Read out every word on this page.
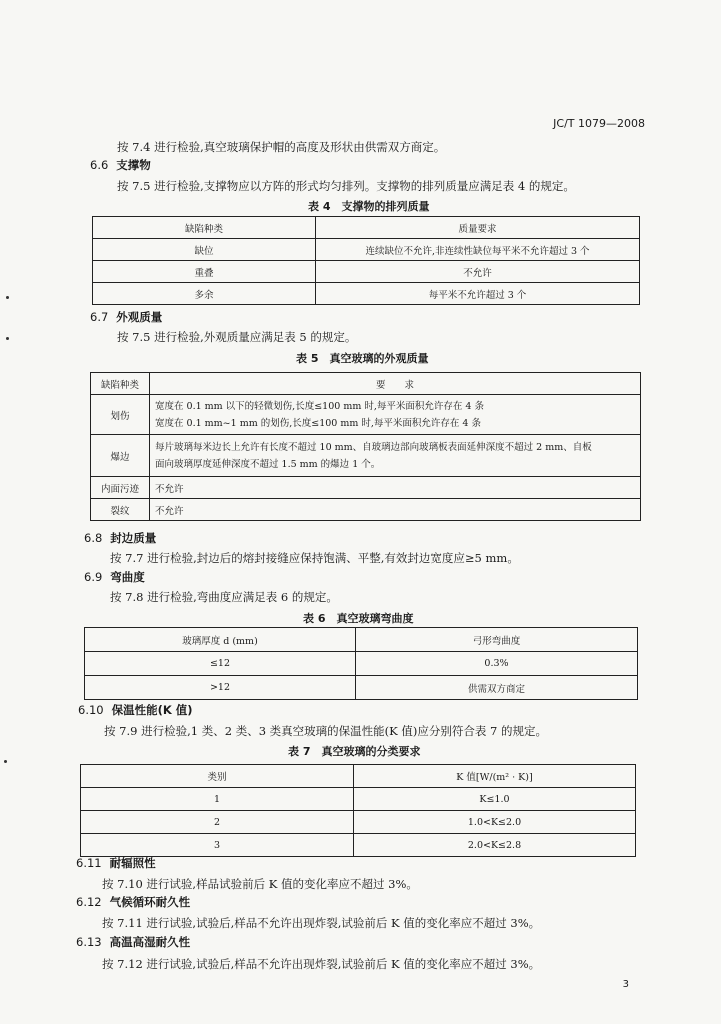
JC/T 1079—2008
按 7.4 进行检验,真空玻璃保护帽的高度及形状由供需双方商定。
6.6 支撑物
按 7.5 进行检验,支撑物应以方阵的形式均匀排列。支撑物的排列质量应满足表 4 的规定。
表 4　支撑物的排列质量
缺陷种类	质量要求
缺位	连续缺位不允许,非连续性缺位每平米不允许超过 3 个
重叠	不允许
多余	每平米不允许超过 3 个
6.7 外观质量
按 7.5 进行检验,外观质量应满足表 5 的规定。
表 5　真空玻璃的外观质量
缺陷种类	要　　求
划伤	宽度在 0.1 mm 以下的轻微划伤,长度≤100 mm 时,每平米面积允许存在 4 条
宽度在 0.1 mm~1 mm 的划伤,长度≤100 mm 时,每平米面积允许存在 4 条

爆边	每片玻璃每米边长上允许有长度不超过 10 mm、自玻璃边部向玻璃板表面延伸深度不超过 2 mm、自板
面向玻璃厚度延伸深度不超过 1.5 mm 的爆边 1 个。

内面污迹	不允许
裂纹	不允许
6.8 封边质量
按 7.7 进行检验,封边后的熔封接缝应保持饱满、平整,有效封边宽度应≥5 mm。
6.9 弯曲度
按 7.8 进行检验,弯曲度应满足表 6 的规定。
表 6　真空玻璃弯曲度
玻璃厚度 d (mm)	弓形弯曲度
≤12	0.3%
>12	供需双方商定
6.10 保温性能(K 值)
按 7.9 进行检验,1 类、2 类、3 类真空玻璃的保温性能(K 值)应分别符合表 7 的规定。
表 7　真空玻璃的分类要求
类别	K 值[W/(m² · K)]
1	K≤1.0
2	1.0<K≤2.0
3	2.0<K≤2.8
6.11 耐辐照性
按 7.10 进行试验,样品试验前后 K 值的变化率应不超过 3%。
6.12 气候循环耐久性
按 7.11 进行试验,试验后,样品不允许出现炸裂,试验前后 K 值的变化率应不超过 3%。
6.13 高温高湿耐久性
按 7.12 进行试验,试验后,样品不允许出现炸裂,试验前后 K 值的变化率应不超过 3%。
3
